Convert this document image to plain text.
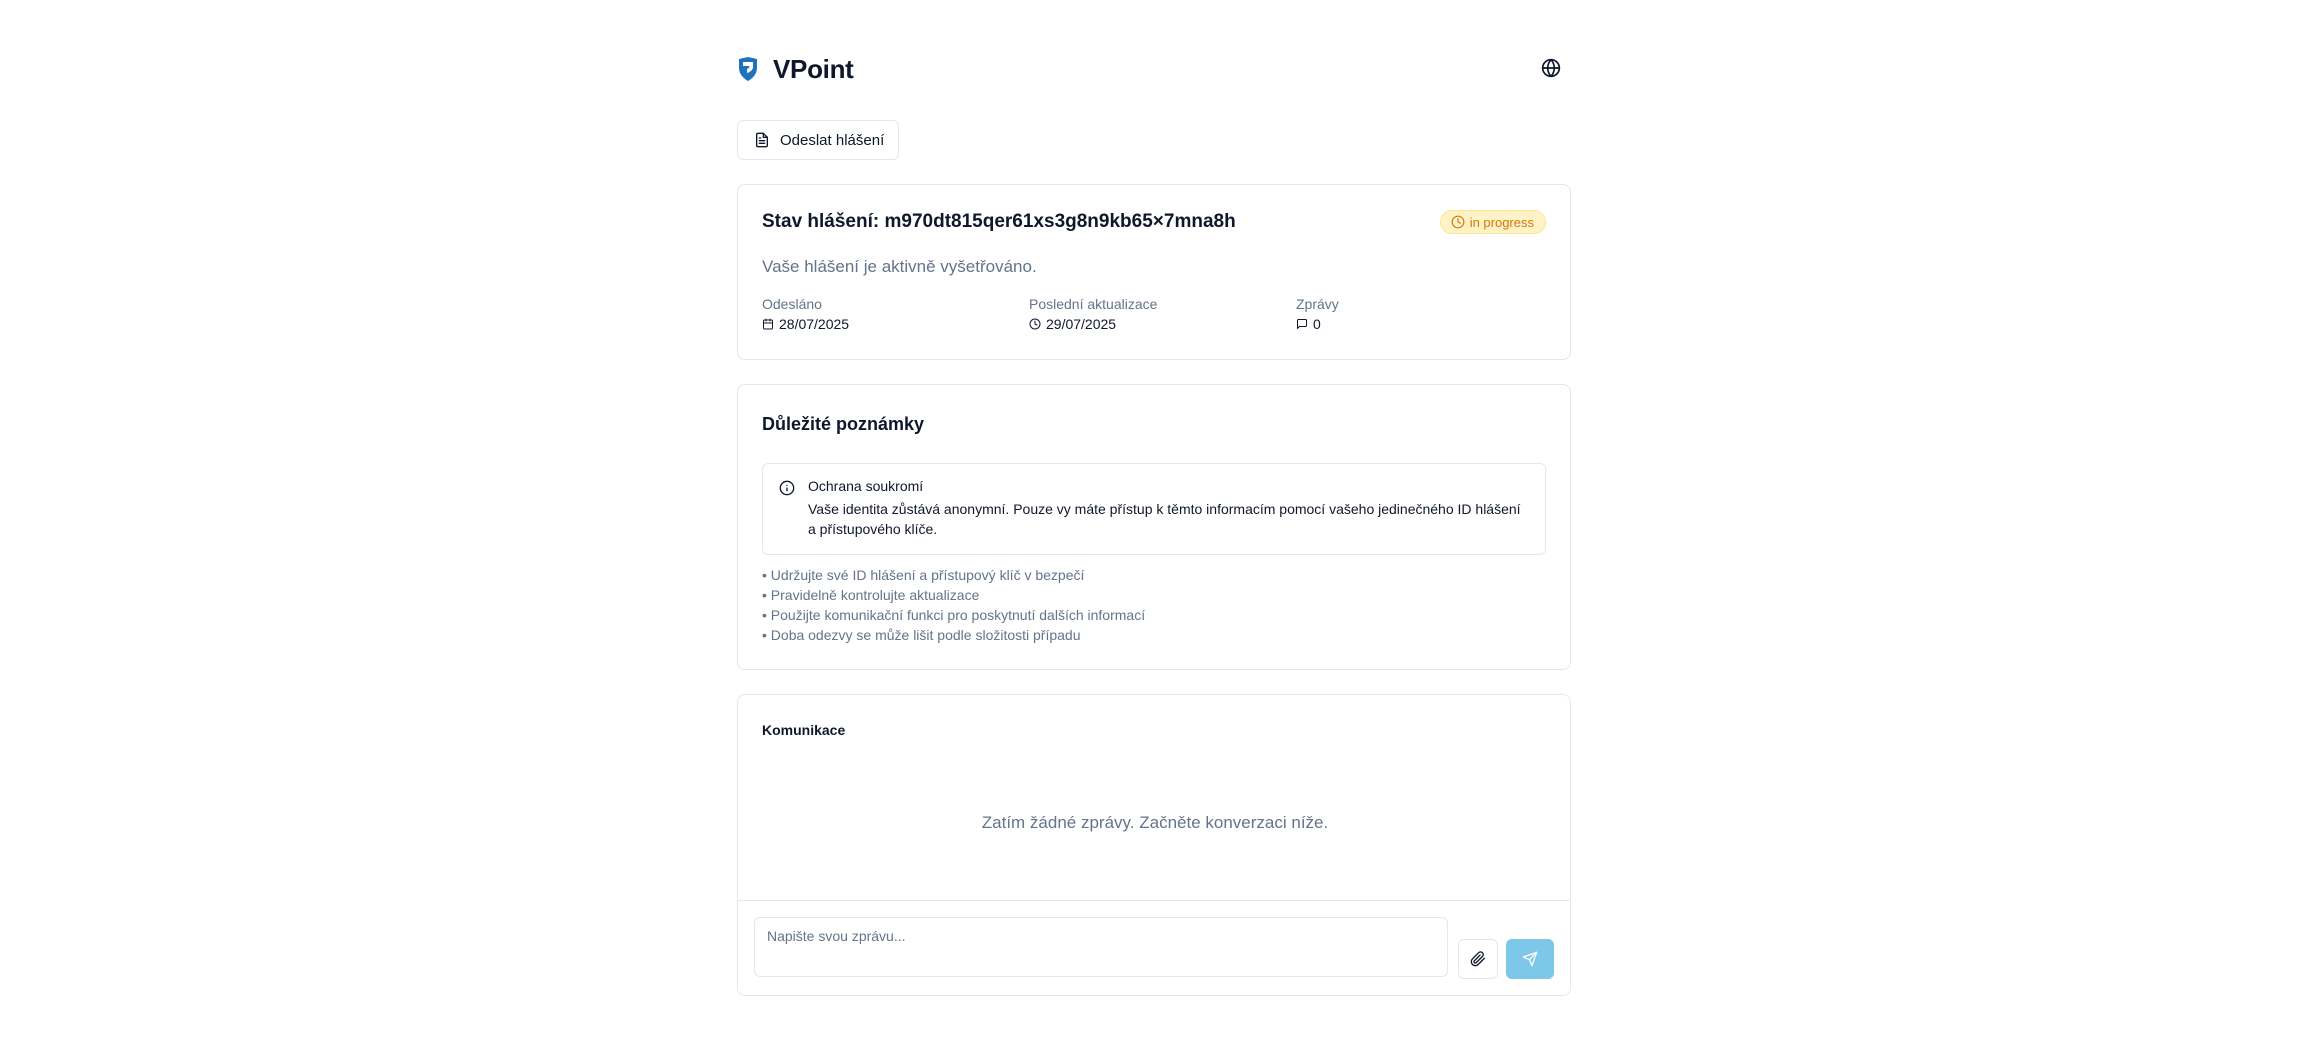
VPoint
Odeslat hlášení
Stav hlášení: m970dt815qer61xs3g8n9kb65×7mna8h	in progress
Vaše hlášení je aktivně vyšetřováno.
Odesláno
28/07/2025
Poslední aktualizace
29/07/2025
Zprávy
0
Důležité poznámky
Ochrana soukromí
Vaše identita zůstává anonymní. Pouze vy máte přístup k těmto informacím pomocí vašeho jedinečného ID hlášení a přístupového klíče.
• Udržujte své ID hlášení a přístupový klíč v bezpečí
• Pravidelně kontrolujte aktualizace
• Použijte komunikační funkci pro poskytnutí dalších informací
• Doba odezvy se může lišit podle složitosti případu
Komunikace
Zatím žádné zprávy. Začněte konverzaci níže.
Napište svou zprávu...
